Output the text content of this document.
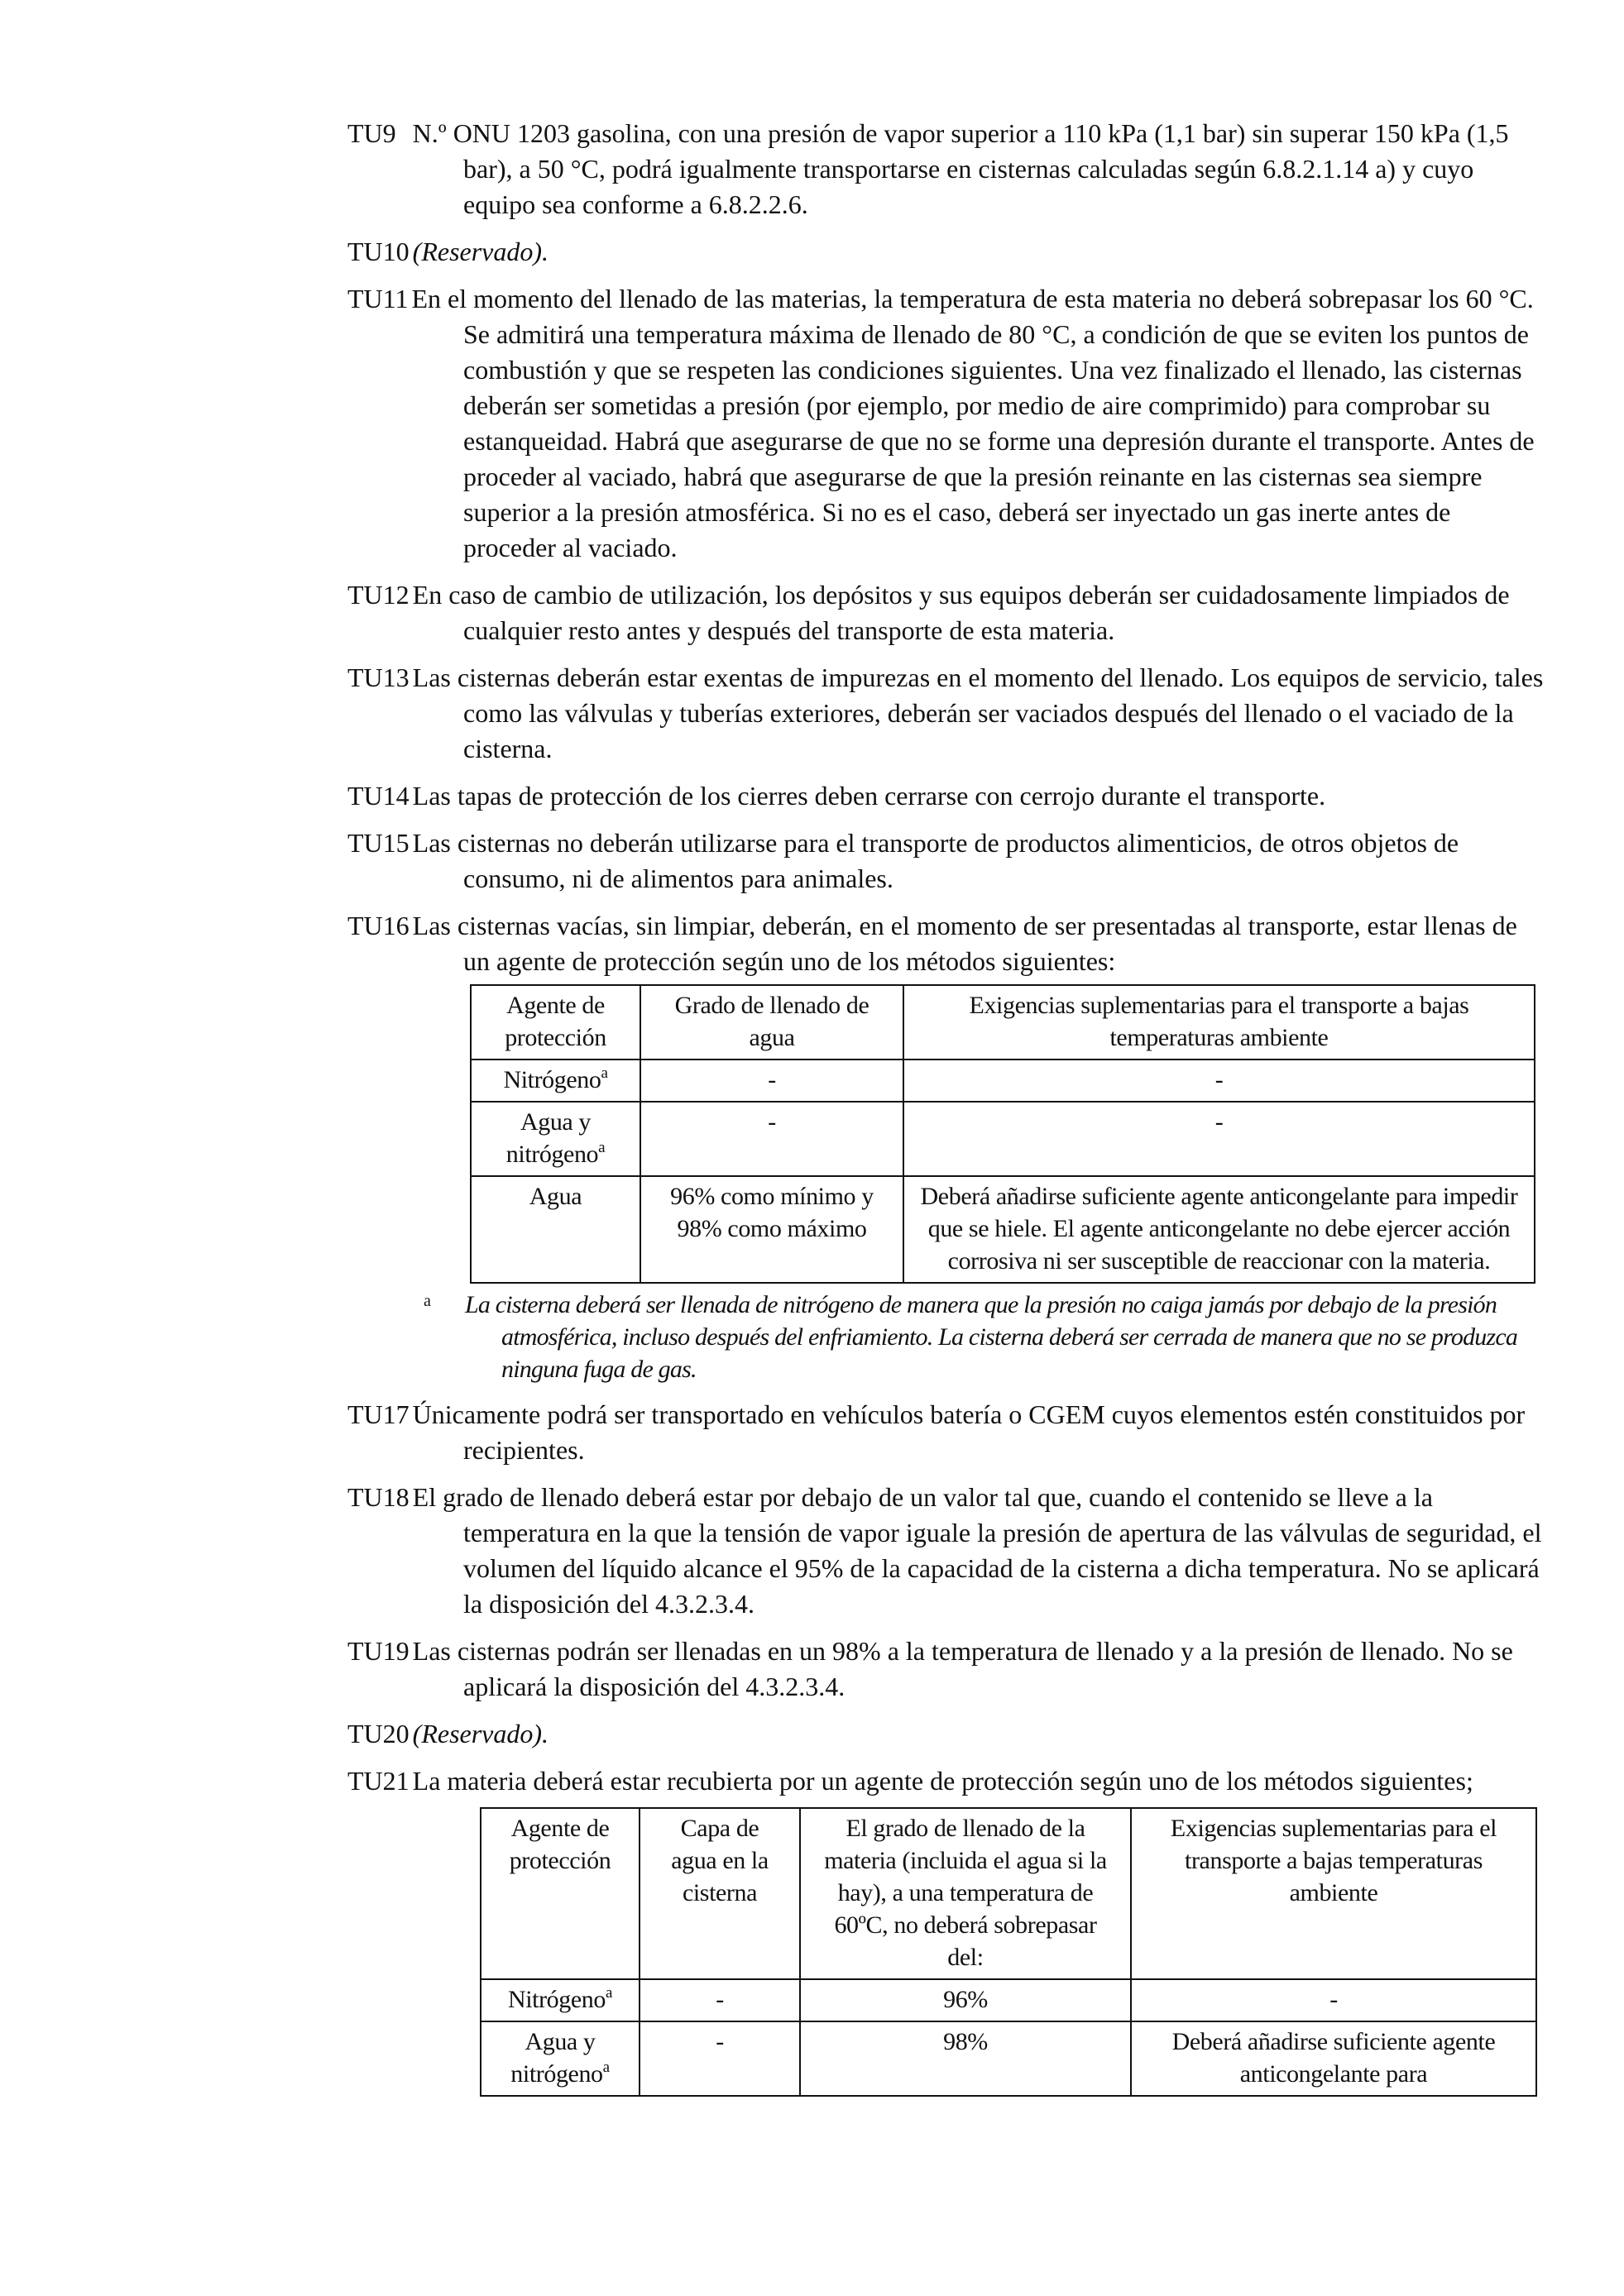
TU9 N.º ONU 1203 gasolina, con una presión de vapor superior a 110 kPa (1,1 bar) sin superar 150 kPa (1,5 bar), a 50 °C, podrá igualmente transportarse en cisternas calculadas según 6.8.2.1.14 a) y cuyo equipo sea conforme a 6.8.2.2.6.

TU10 (Reservado).

TU11 En el momento del llenado de las materias, la temperatura de esta materia no deberá sobrepasar los 60 °C. Se admitirá una temperatura máxima de llenado de 80 °C, a condición de que se eviten los puntos de combustión y que se respeten las condiciones siguientes. Una vez finalizado el llenado, las cisternas deberán ser sometidas a presión (por ejemplo, por medio de aire comprimido) para comprobar su estanqueidad. Habrá que asegurarse de que no se forme una depresión durante el transporte. Antes de proceder al vaciado, habrá que asegurarse de que la presión reinante en las cisternas sea siempre superior a la presión atmosférica. Si no es el caso, deberá ser inyectado un gas inerte antes de proceder al vaciado.

TU12 En caso de cambio de utilización, los depósitos y sus equipos deberán ser cuidadosamente limpiados de cualquier resto antes y después del transporte de esta materia.

TU13 Las cisternas deberán estar exentas de impurezas en el momento del llenado. Los equipos de servicio, tales como las válvulas y tuberías exteriores, deberán ser vaciados después del llenado o el vaciado de la cisterna.

TU14 Las tapas de protección de los cierres deben cerrarse con cerrojo durante el transporte.

TU15 Las cisternas no deberán utilizarse para el transporte de productos alimenticios, de otros objetos de consumo, ni de alimentos para animales.

TU16 Las cisternas vacías, sin limpiar, deberán, en el momento de ser presentadas al transporte, estar llenas de un agente de protección según uno de los métodos siguientes:

Agente de protección	Grado de llenado de agua	Exigencias suplementarias para el transporte a bajas temperaturas ambiente
Nitrógeno$^a$	-	-
Agua y
nitrógeno$^a$	-	-
Agua	96% como mínimo y 98% como máximo	Deberá añadirse suficiente agente anticongelante para impedir que se hiele. El agente anticongelante no debe ejercer acción corrosiva ni ser susceptible de reaccionar con la materia.

a La cisterna deberá ser llenada de nitrógeno de manera que la presión no caiga jamás por debajo de la presión atmosférica, incluso después del enfriamiento. La cisterna deberá ser cerrada de manera que no se produzca ninguna fuga de gas.

TU17 Únicamente podrá ser transportado en vehículos batería o CGEM cuyos elementos estén constituidos por recipientes.

TU18 El grado de llenado deberá estar por debajo de un valor tal que, cuando el contenido se lleve a la temperatura en la que la tensión de vapor iguale la presión de apertura de las válvulas de seguridad, el volumen del líquido alcance el 95% de la capacidad de la cisterna a dicha temperatura. No se aplicará la disposición del 4.3.2.3.4.

TU19 Las cisternas podrán ser llenadas en un 98% a la temperatura de llenado y a la presión de llenado. No se aplicará la disposición del 4.3.2.3.4.

TU20 (Reservado).

TU21 La materia deberá estar recubierta por un agente de protección según uno de los métodos siguientes;

Agente de protección	Capa de agua en la cisterna	El grado de llenado de la materia (incluida el agua si la hay), a una temperatura de 60ºC, no deberá sobrepasar del:	Exigencias suplementarias para el transporte a bajas temperaturas ambiente
Nitrógeno$^a$	-	96%	-
Agua y
nitrógeno$^a$	-	98%	Deberá añadirse suficiente agente anticongelante para
